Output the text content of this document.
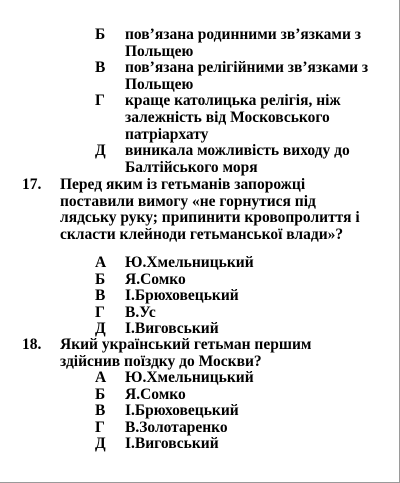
Б	пов’язана родинними зв’язками з Польщею
В	пов’язана релігійними зв’язками з Польщею
Г	краще католицька релігія, ніж залежність від Московського патріархату
Д	виникала можливість виходу до Балтійського моря
17.	Перед яким із гетьманів запорожці поставили вимогу «не горнутися під лядську руку; припинити кровопролиття і скласти клейноди гетьманської влади»?
А	Ю.Хмельницький
Б	Я.Сомко
В	І.Брюховецький
Г	В.Ус
Д	І.Виговський
18.	Який український гетьман першим здійснив поїздку до Москви?
А	Ю.Хмельницький
Б	Я.Сомко
В	І.Брюховецький
Г	В.Золотаренко
Д	І.Виговський
